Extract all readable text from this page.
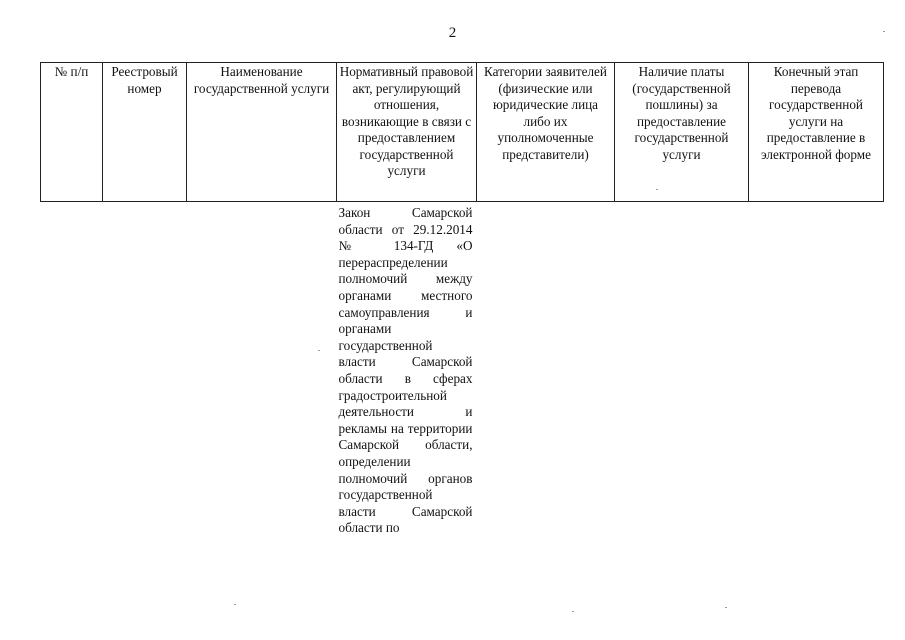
2
№ п/п	Реестровый номер	Наименование государственной услуги	Нормативный правовой акт, регулирующий отношения, возникающие в связи с предоставлением государственной услуги	Категории заявителей (физические или юридические лица либо их уполномоченные представители)	Наличие платы (государственной пошлины) за предоставление государственной услуги	Конечный этап перевода государственной услуги на предоставление в электронной форме

			Закон Самарской области от 29.12.2014 № 134-ГД «О перераспределении полномочий между органами местного самоуправления и органами государственной власти Самарской области в сферах градостроительной деятельности и рекламы на территории Самарской области, определении полномочий органов государственной власти Самарской области по			
